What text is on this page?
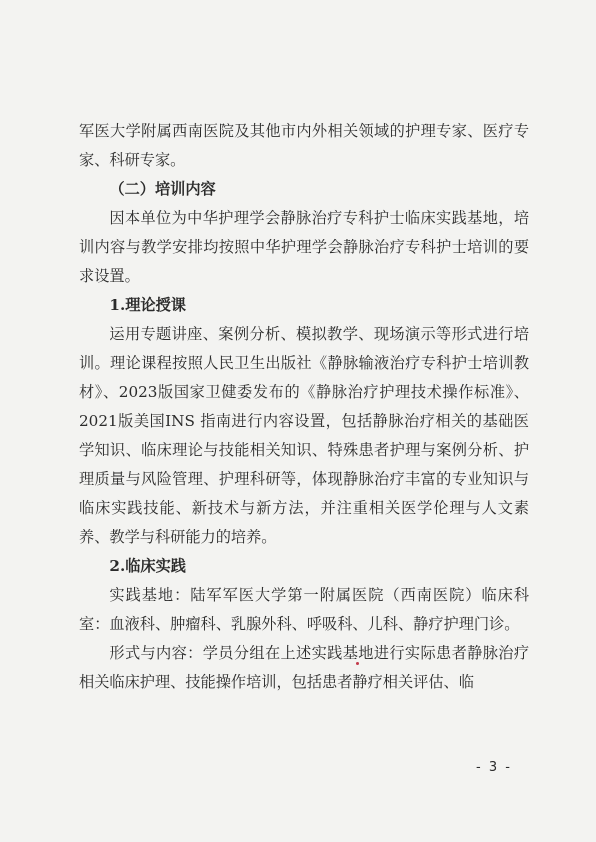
军医大学附属西南医院及其他市内外相关领域的护理专家、医疗专家、科研专家。

（二）培训内容

因本单位为中华护理学会静脉治疗专科护士临床实践基地，培训内容与教学安排均按照中华护理学会静脉治疗专科护士培训的要求设置。

1.理论授课

运用专题讲座、案例分析、模拟教学、现场演示等形式进行培训。理论课程按照人民卫生出版社《静脉输液治疗专科护士培训教材》、2023版国家卫健委发布的《静脉治疗护理技术操作标准》、2021版美国INS 指南进行内容设置，包括静脉治疗相关的基础医学知识、临床理论与技能相关知识、特殊患者护理与案例分析、护理质量与风险管理、护理科研等，体现静脉治疗丰富的专业知识与临床实践技能、新技术与新方法，并注重相关医学伦理与人文素养、教学与科研能力的培养。

2.临床实践

实践基地：陆军军医大学第一附属医院（西南医院）临床科室：血液科、肿瘤科、乳腺外科、呼吸科、儿科、静疗护理门诊。

形式与内容：学员分组在上述实践基地进行实际患者静脉治疗相关临床护理、技能操作培训，包括患者静疗相关评估、临

- 3 -
